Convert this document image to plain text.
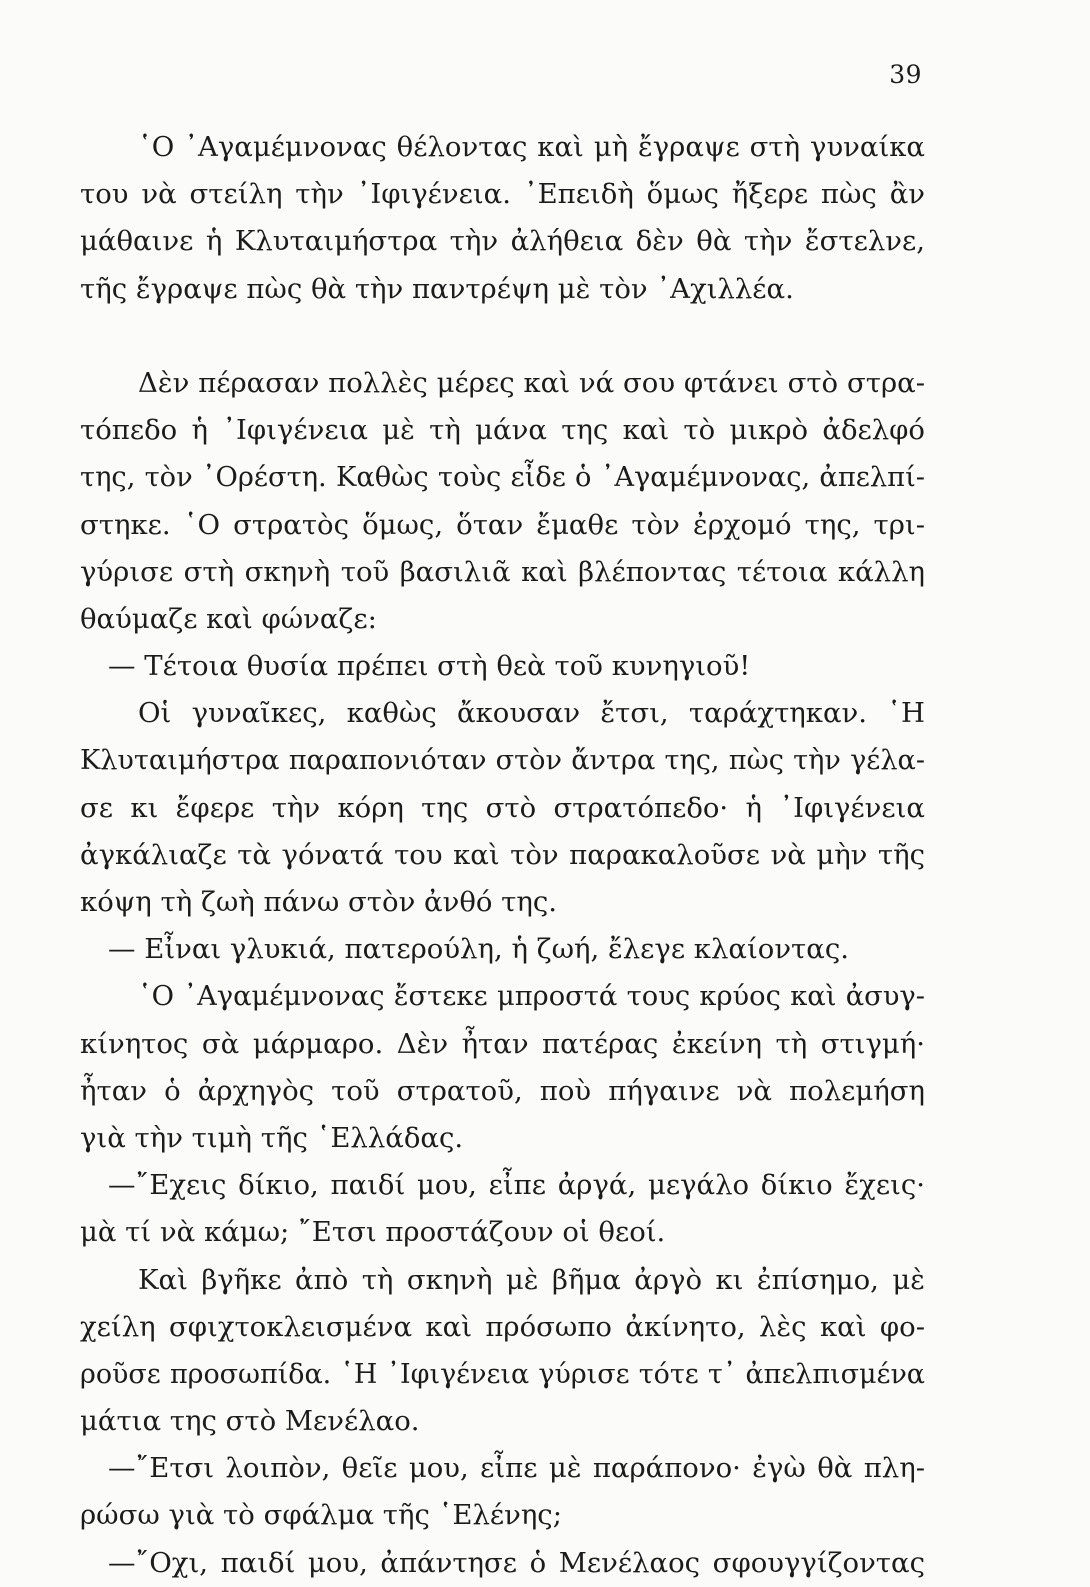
39
῾Ο ᾿Αγαμέμνονας θέλοντας καὶ μὴ ἔγραψε στὴ γυναίκα
του νὰ στείλη τὴν ᾿Ιφιγένεια. ᾿Επειδὴ ὅμως ἤξερε πὼς ἂν
μάθαινε ἡ Κλυταιμήστρα τὴν ἀλήθεια δὲν θὰ τὴν ἔστελνε,
τῆς ἔγραψε πὼς θὰ τὴν παντρέψη μὲ τὸν ᾿Αχιλλέα.
Δὲν πέρασαν πολλὲς μέρες καὶ νά σου φτάνει στὸ στρα-
τόπεδο ἡ ᾿Ιφιγένεια μὲ τὴ μάνα της καὶ τὸ μικρὸ ἀδελφό
της, τὸν ᾿Ορέστη. Καθὼς τοὺς εἶδε ὁ ᾿Αγαμέμνονας, ἀπελπί-
στηκε. ῾Ο στρατὸς ὅμως, ὅταν ἔμαθε τὸν ἐρχομό της, τρι-
γύρισε στὴ σκηνὴ τοῦ βασιλιᾶ καὶ βλέποντας τέτοια κάλλη
θαύμαζε καὶ φώναζε:
— Τέτοια θυσία πρέπει στὴ θεὰ τοῦ κυνηγιοῦ!
Οἱ γυναῖκες, καθὼς ἄκουσαν ἔτσι, ταράχτηκαν. ῾Η
Κλυταιμήστρα παραπονιόταν στὸν ἄντρα της, πὼς τὴν γέλα-
σε κι ἔφερε τὴν κόρη της στὸ στρατόπεδο· ἡ ᾿Ιφιγένεια
ἀγκάλιαζε τὰ γόνατά του καὶ τὸν παρακαλοῦσε νὰ μὴν τῆς
κόψη τὴ ζωὴ πάνω στὸν ἀνθό της.
— Εἶναι γλυκιά, πατερούλη, ἡ ζωή, ἔλεγε κλαίοντας.
῾Ο ᾿Αγαμέμνονας ἔστεκε μπροστά τους κρύος καὶ ἀσυγ-
κίνητος σὰ μάρμαρο. Δὲν ἦταν πατέρας ἐκείνη τὴ στιγμή·
ἦταν ὁ ἀρχηγὸς τοῦ στρατοῦ, ποὺ πήγαινε νὰ πολεμήση
γιὰ τὴν τιμὴ τῆς ῾Ελλάδας.
—῎Εχεις δίκιο, παιδί μου, εἶπε ἀργά, μεγάλο δίκιο ἔχεις·
μὰ τί νὰ κάμω; ῎Ετσι προστάζουν οἱ θεοί.
Καὶ βγῆκε ἀπὸ τὴ σκηνὴ μὲ βῆμα ἀργὸ κι ἐπίσημο, μὲ
χείλη σφιχτοκλεισμένα καὶ πρόσωπο ἀκίνητο, λὲς καὶ φο-
ροῦσε προσωπίδα. ῾Η ᾿Ιφιγένεια γύρισε τότε τ᾿ ἀπελπισμένα
μάτια της στὸ Μενέλαο.
—῎Ετσι λοιπὸν, θεῖε μου, εἶπε μὲ παράπονο· ἐγὼ θὰ πλη-
ρώσω γιὰ τὸ σφάλμα τῆς ῾Ελένης;
—῎Οχι, παιδί μου, ἀπάντησε ὁ Μενέλαος σφουγγίζοντας
